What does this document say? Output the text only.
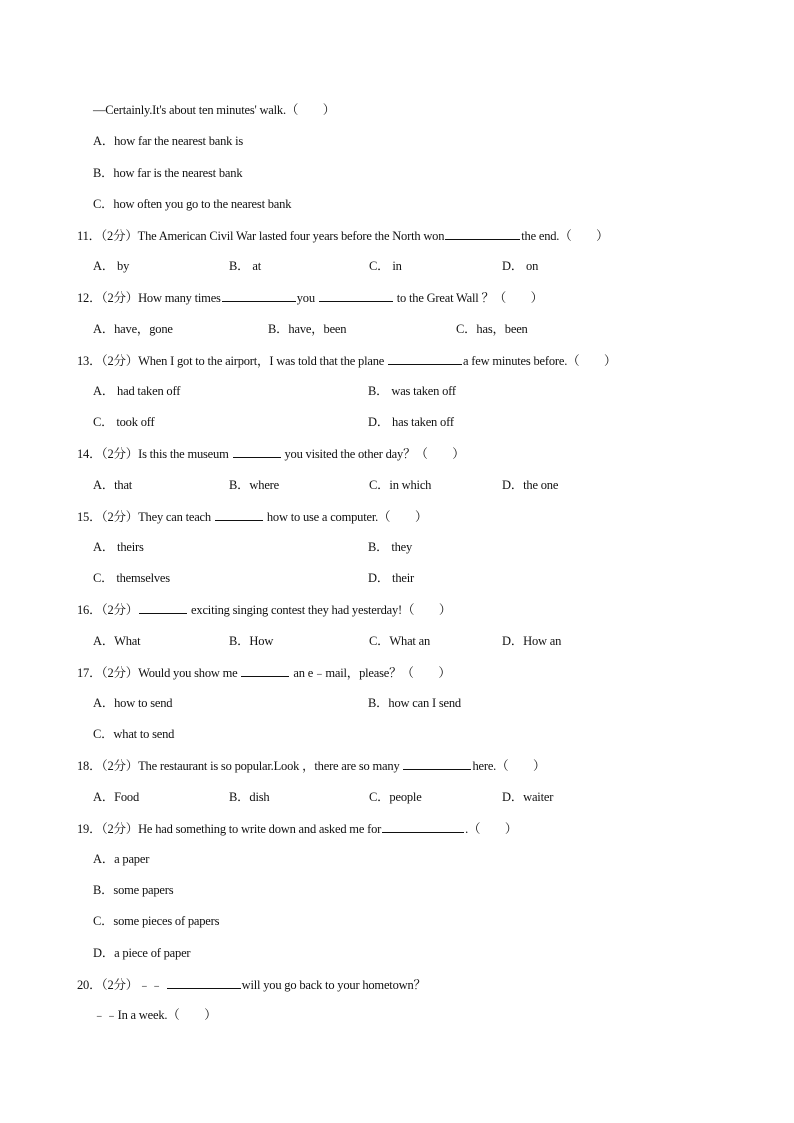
—Certainly.It's about ten minutes' walk.（　　）
A．how far the nearest bank is
B．how far is the nearest bank
C．how often you go to the nearest bank
11．（2分）The American Civil War lasted four years before the North won	the end.（　　）
A． by	B． at	C． in	D． on
12．（2分）How many times	you	to the Great Wall ？（　　）
A．have，gone	B．have，been	C．has，been
13．（2分）When I got to the airport，I was told that the plane	a few minutes before.（　　）
A． had taken off	B． was taken off
C． took off	D． has taken off
14．（2分）Is this the museum	you visited the other day？（　　）
A．that	B．where	C．in which	D．the one
15．（2分）They can teach	how to use a computer.（　　）
A． theirs	B． they
C． themselves	D． their
16．（2分）	exciting singing contest they had yesterday!（　　）
A．What	B．How	C．What an	D．How an
17．（2分）Would you show me	an e﹣mail，please？（　　）
A．how to send	B．how can I send
C．what to send
18．（2分）The restaurant is so popular.Look ，there are so many	here.（　　）
A．Food	B．dish	C．people	D．waiter
19．（2分）He had something to write down and asked me for	.（　　）
A．a paper
B．some papers
C．some pieces of papers
D．a piece of paper
20．（2分）﹣﹣	will you go back to your hometown？
﹣﹣In a week.（　　）
